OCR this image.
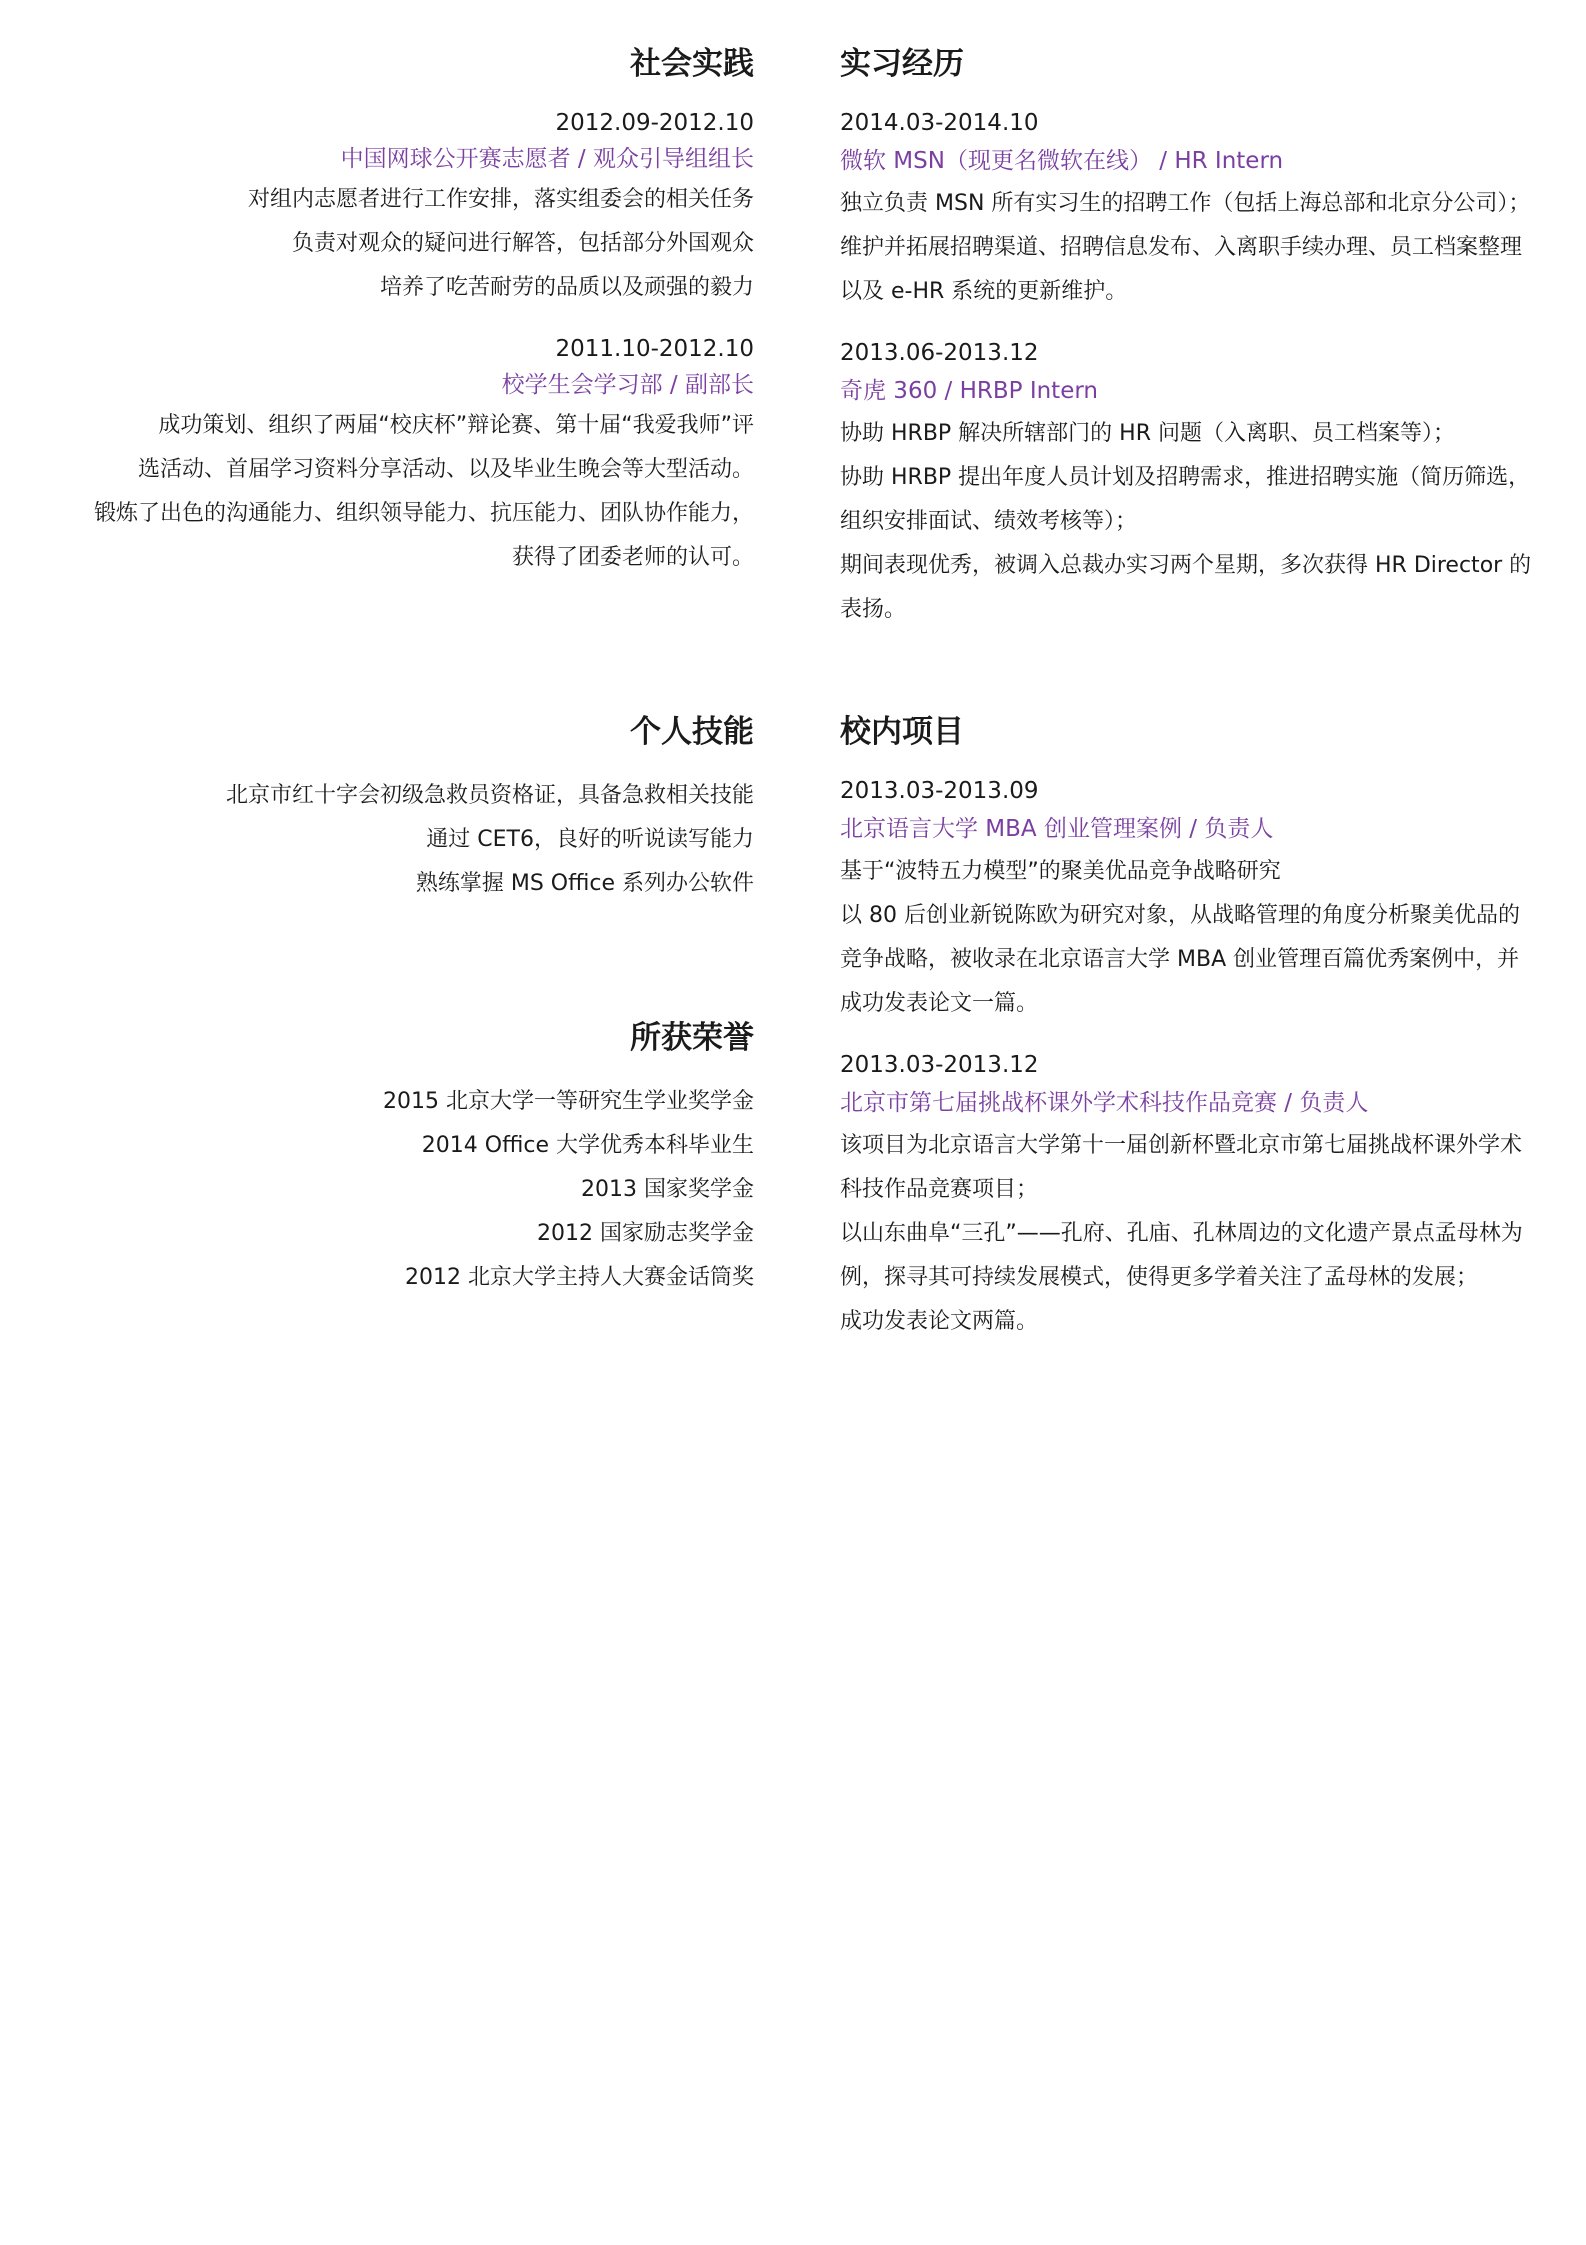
社会实践
2012.09-2012.10
中国网球公开赛志愿者 / 观众引导组组长
对组内志愿者进行工作安排，落实组委会的相关任务
负责对观众的疑问进行解答，包括部分外国观众
培养了吃苦耐劳的品质以及顽强的毅力
2011.10-2012.10
校学生会学习部 / 副部长
成功策划、组织了两届“校庆杯”辩论赛、第十届“我爱我师”评
选活动、首届学习资料分享活动、以及毕业生晚会等大型活动。
锻炼了出色的沟通能力、组织领导能力、抗压能力、团队协作能力，
获得了团委老师的认可。
个人技能
北京市红十字会初级急救员资格证，具备急救相关技能
通过 CET6，良好的听说读写能力
熟练掌握 MS Office 系列办公软件
所获荣誉
2015 北京大学一等研究生学业奖学金
2014 Office 大学优秀本科毕业生
2013 国家奖学金
2012 国家励志奖学金
2012 北京大学主持人大赛金话筒奖
实习经历
2014.03-2014.10
微软 MSN（现更名微软在线） / HR Intern
独立负责 MSN 所有实习生的招聘工作（包括上海总部和北京分公司）；维护并拓展招聘渠道、招聘信息发布、入离职手续办理、员工档案整理以及 e-HR 系统的更新维护。
2013.06-2013.12
奇虎 360 / HRBP Intern
协助 HRBP 解决所辖部门的 HR 问题（入离职、员工档案等）；
协助 HRBP 提出年度人员计划及招聘需求，推进招聘实施（简历筛选，组织安排面试、绩效考核等）；
期间表现优秀，被调入总裁办实习两个星期，多次获得 HR Director 的表扬。
校内项目
2013.03-2013.09
北京语言大学 MBA 创业管理案例 / 负责人
基于“波特五力模型”的聚美优品竞争战略研究
以 80 后创业新锐陈欧为研究对象，从战略管理的角度分析聚美优品的竞争战略，被收录在北京语言大学 MBA 创业管理百篇优秀案例中，并成功发表论文一篇。
2013.03-2013.12
北京市第七届挑战杯课外学术科技作品竞赛 / 负责人
该项目为北京语言大学第十一届创新杯暨北京市第七届挑战杯课外学术科技作品竞赛项目；
以山东曲阜“三孔”——孔府、孔庙、孔林周边的文化遗产景点孟母林为例，探寻其可持续发展模式，使得更多学着关注了孟母林的发展；
成功发表论文两篇。
